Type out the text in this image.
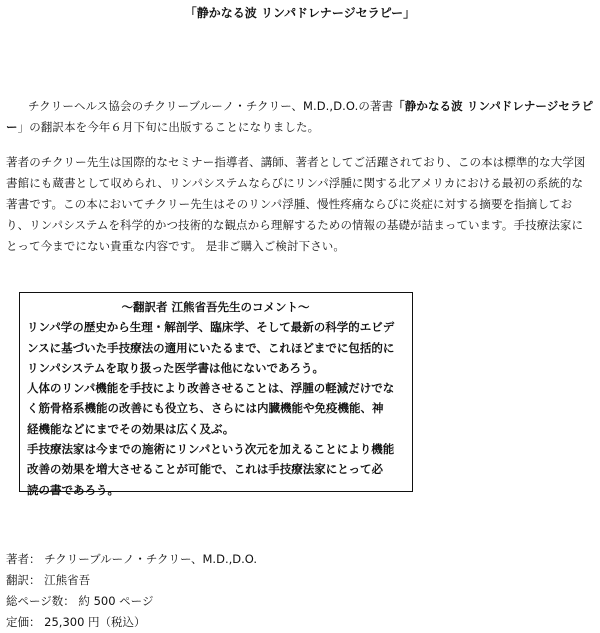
「静かなる波 リンパドレナージセラピー」

チクリーヘルス協会のチクリーブルーノ・チクリー、M.D.,D.O.の著書「静かなる波 リンパドレナージセラピ
ー」の翻訳本を今年６月下旬に出版することになりました。

著者のチクリー先生は国際的なセミナー指導者、講師、著者としてご活躍されており、この本は標準的な大学図書館にも蔵書として収められ、リンパシステムならびにリンパ浮腫に関する北アメリカにおける最初の系統的な著書です。この本においてチクリー先生はそのリンパ浮腫、慢性疼痛ならびに炎症に対する摘要を指摘しており、リンパシステムを科学的かつ技術的な観点から理解するための情報の基礎が詰まっています。手技療法家にとって今までにない貴重な内容です。 是非ご購入ご検討下さい。

～翻訳者 江熊省吾先生のコメント～
リンパ学の歴史から生理・解剖学、臨床学、そして最新の科学的エビデ
ンスに基づいた手技療法の適用にいたるまで、これほどまでに包括的に
リンパシステムを取り扱った医学書は他にないであろう。
人体のリンパ機能を手技により改善させることは、浮腫の軽減だけでな
く筋骨格系機能の改善にも役立ち、さらには内臓機能や免疫機能、神
経機能などにまでその効果は広く及ぶ。
手技療法家は今までの施術にリンパという次元を加えることにより機能
改善の効果を増大させることが可能で、これは手技療法家にとって必
読の書であろう。
著者： チクリーブルーノ・チクリー、M.D.,D.O.
翻訳： 江熊省吾
総ページ数： 約 500 ページ
定価： 25,300 円（税込）
